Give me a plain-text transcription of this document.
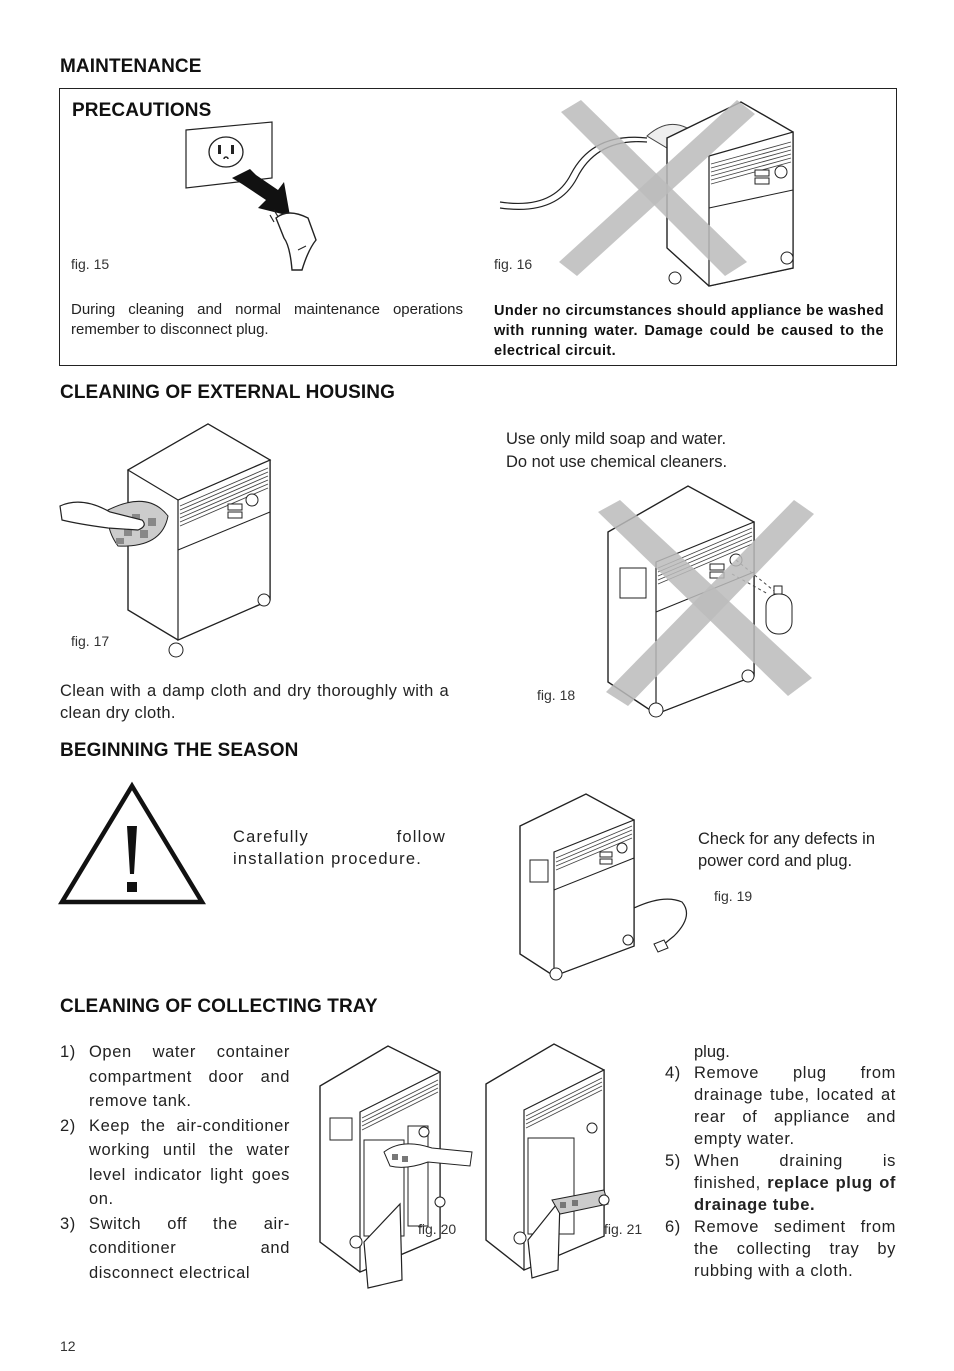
MAINTENANCE
PRECAUTIONS
fig. 15	fig. 16
During cleaning and normal maintenance operations remember to disconnect plug.
Under no circumstances should appliance be washed with running water. Damage could be caused to the electrical circuit.
CLEANING OF EXTERNAL HOUSING
fig. 17
Use only mild soap and water.
Do not use chemical cleaners.
fig. 18
Clean with a damp cloth and dry thoroughly with a clean dry cloth.
BEGINNING THE SEASON
Carefully follow installation procedure.
Check for any defects in power cord and plug.
fig. 19
CLEANING OF COLLECTING TRAY
1) Open water container compartment door and remove tank.
2) Keep the air-conditioner working until the water level indicator light goes on.
3) Switch off the air-conditioner and disconnect electrical
fig. 20	fig. 21
plug.
4) Remove plug from drainage tube, located at rear of appliance and empty water.
5) When draining is finished, replace plug of drainage tube.
6) Remove sediment from the collecting tray by rubbing with a cloth.
12
